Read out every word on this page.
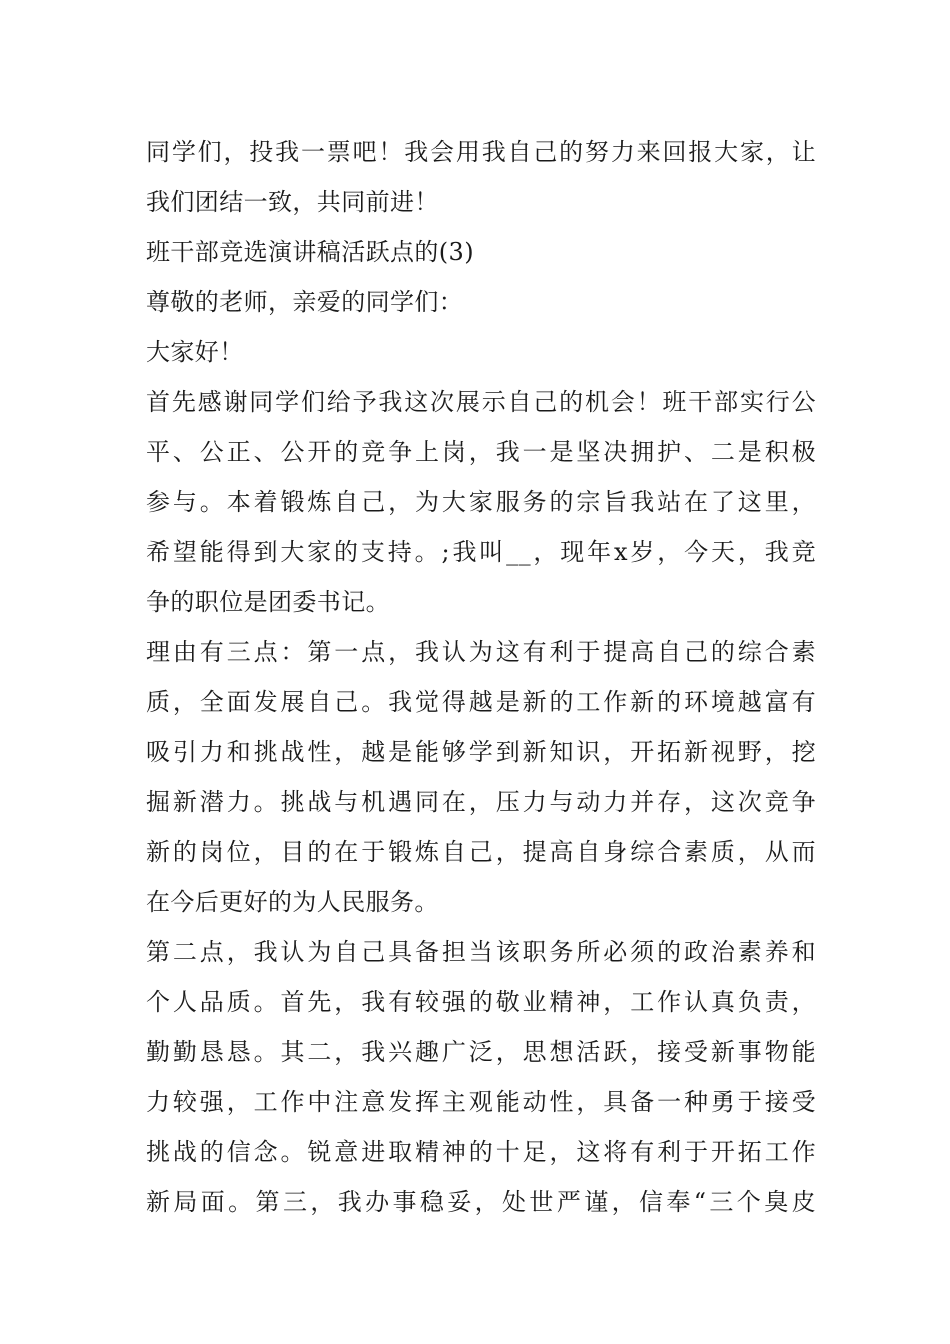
同学们，投我一票吧！我会用我自己的努力来回报大家，让
我们团结一致，共同前进！
班干部竞选演讲稿活跃点的(3)
尊敬的老师，亲爱的同学们：
大家好！
首先感谢同学们给予我这次展示自己的机会！班干部实行公
平、公正、公开的竞争上岗，我一是坚决拥护、二是积极
参与。本着锻炼自己，为大家服务的宗旨我站在了这里，
希望能得到大家的支持。;我叫__，现年x岁，今天，我竞
争的职位是团委书记。
理由有三点：第一点，我认为这有利于提高自己的综合素
质，全面发展自己。我觉得越是新的工作新的环境越富有
吸引力和挑战性，越是能够学到新知识，开拓新视野，挖
掘新潜力。挑战与机遇同在，压力与动力并存，这次竞争
新的岗位，目的在于锻炼自己，提高自身综合素质，从而
在今后更好的为人民服务。
第二点，我认为自己具备担当该职务所必须的政治素养和
个人品质。首先，我有较强的敬业精神，工作认真负责，
勤勤恳恳。其二，我兴趣广泛，思想活跃，接受新事物能
力较强，工作中注意发挥主观能动性，具备一种勇于接受
挑战的信念。锐意进取精神的十足，这将有利于开拓工作
新局面。第三，我办事稳妥，处世严谨，信奉“三个臭皮
